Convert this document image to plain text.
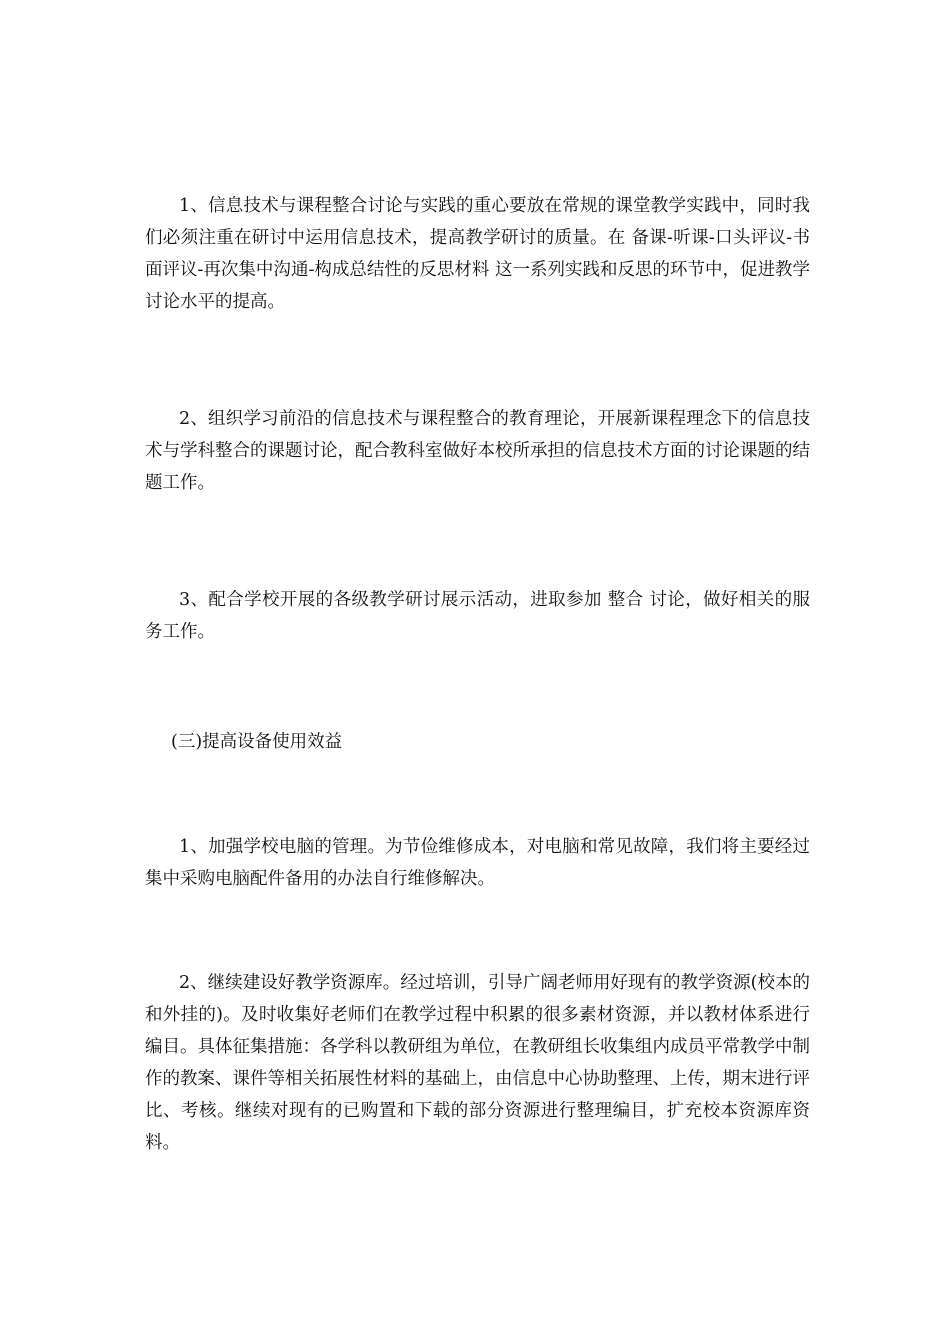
1、信息技术与课程整合讨论与实践的重心要放在常规的课堂教学实践中，同时我们必须注重在研讨中运用信息技术，提高教学研讨的质量。在 备课-听课-口头评议-书面评议-再次集中沟通-构成总结性的反思材料 这一系列实践和反思的环节中，促进教学讨论水平的提高。

2、组织学习前沿的信息技术与课程整合的教育理论，开展新课程理念下的信息技术与学科整合的课题讨论，配合教科室做好本校所承担的信息技术方面的讨论课题的结题工作。

3、配合学校开展的各级教学研讨展示活动，进取参加 整合 讨论，做好相关的服务工作。

(三)提高设备使用效益

1、加强学校电脑的管理。为节俭维修成本，对电脑和常见故障，我们将主要经过集中采购电脑配件备用的办法自行维修解决。

2、继续建设好教学资源库。经过培训，引导广阔老师用好现有的教学资源(校本的和外挂的)。及时收集好老师们在教学过程中积累的很多素材资源，并以教材体系进行编目。具体征集措施：各学科以教研组为单位，在教研组长收集组内成员平常教学中制作的教案、课件等相关拓展性材料的基础上，由信息中心协助整理、上传，期末进行评比、考核。继续对现有的已购置和下载的部分资源进行整理编目，扩充校本资源库资料。
